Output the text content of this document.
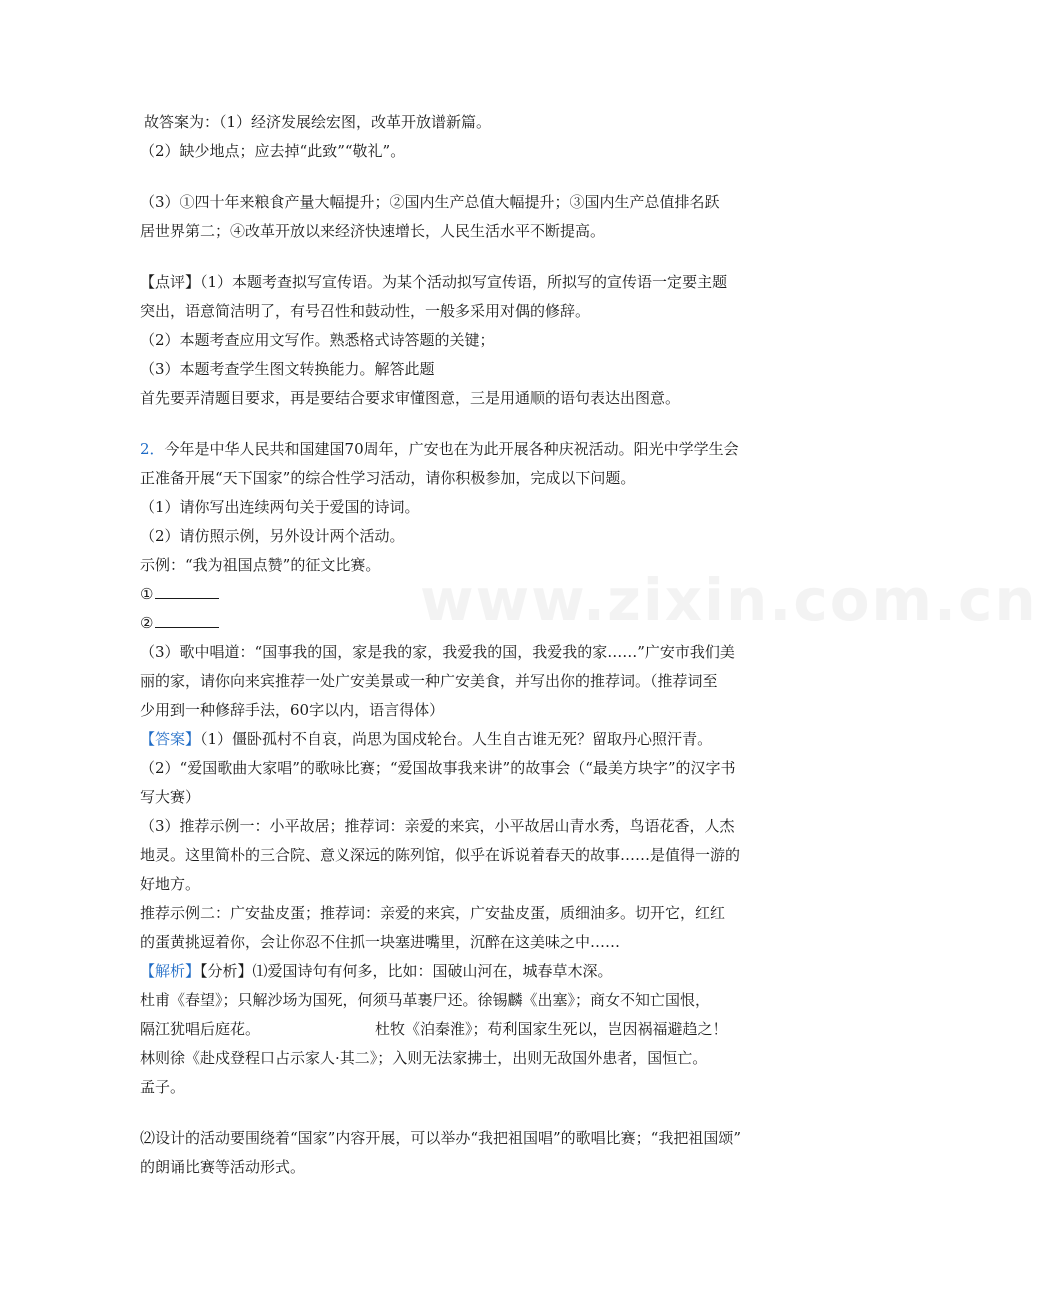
www.zixin.com.cn
故答案为：（1）经济发展绘宏图，改革开放谱新篇。
（2）缺少地点；应去掉“此致”“敬礼”。
（3）①四十年来粮食产量大幅提升；②国内生产总值大幅提升；③国内生产总值排名跃
居世界第二；④改革开放以来经济快速增长，人民生活水平不断提高。
【点评】（1）本题考查拟写宣传语。为某个活动拟写宣传语，所拟写的宣传语一定要主题
突出，语意简洁明了，有号召性和鼓动性，一般多采用对偶的修辞。
（2）本题考查应用文写作。熟悉格式诗答题的关键；
（3）本题考查学生图文转换能力。解答此题
首先要弄清题目要求，再是要结合要求审懂图意，三是用通顺的语句表达出图意。
2．今年是中华人民共和国建国70周年，广安也在为此开展各种庆祝活动。阳光中学学生会
正准备开展“天下国家”的综合性学习活动，请你积极参加，完成以下问题。
（1）请你写出连续两句关于爱国的诗词。
（2）请仿照示例，另外设计两个活动。
示例：“我为祖国点赞”的征文比赛。
①
②
（3）歌中唱道：“国事我的国，家是我的家，我爱我的国，我爱我的家……”广安市我们美
丽的家，请你向来宾推荐一处广安美景或一种广安美食，并写出你的推荐词。（推荐词至
少用到一种修辞手法，60字以内，语言得体）
【答案】（1）僵卧孤村不自哀，尚思为国戍轮台。人生自古谁无死？留取丹心照汗青。
（2）“爱国歌曲大家唱”的歌咏比赛；“爱国故事我来讲”的故事会（“最美方块字”的汉字书
写大赛）
（3）推荐示例一：小平故居；推荐词：亲爱的来宾，小平故居山青水秀，鸟语花香，人杰
地灵。这里简朴的三合院、意义深远的陈列馆，似乎在诉说着春天的故事……是值得一游的
好地方。
推荐示例二：广安盐皮蛋；推荐词：亲爱的来宾，广安盐皮蛋，质细油多。切开它，红红
的蛋黄挑逗着你，会让你忍不住抓一块塞进嘴里，沉醉在这美味之中……
【解析】【分析】⑴爱国诗句有何多，比如：国破山河在，城春草木深。
杜甫《春望》；只解沙场为国死，何须马革裹尸还。徐锡麟《出塞》；商女不知亡国恨，
隔江犹唱后庭花。	杜牧《泊秦淮》；苟利国家生死以，岂因祸福避趋之！
林则徐《赴戍登程口占示家人·其二》；入则无法家拂士，出则无敌国外患者，国恒亡。
孟子。
⑵设计的活动要围绕着“国家”内容开展，可以举办“我把祖国唱”的歌唱比赛；“我把祖国颂”
的朗诵比赛等活动形式。
